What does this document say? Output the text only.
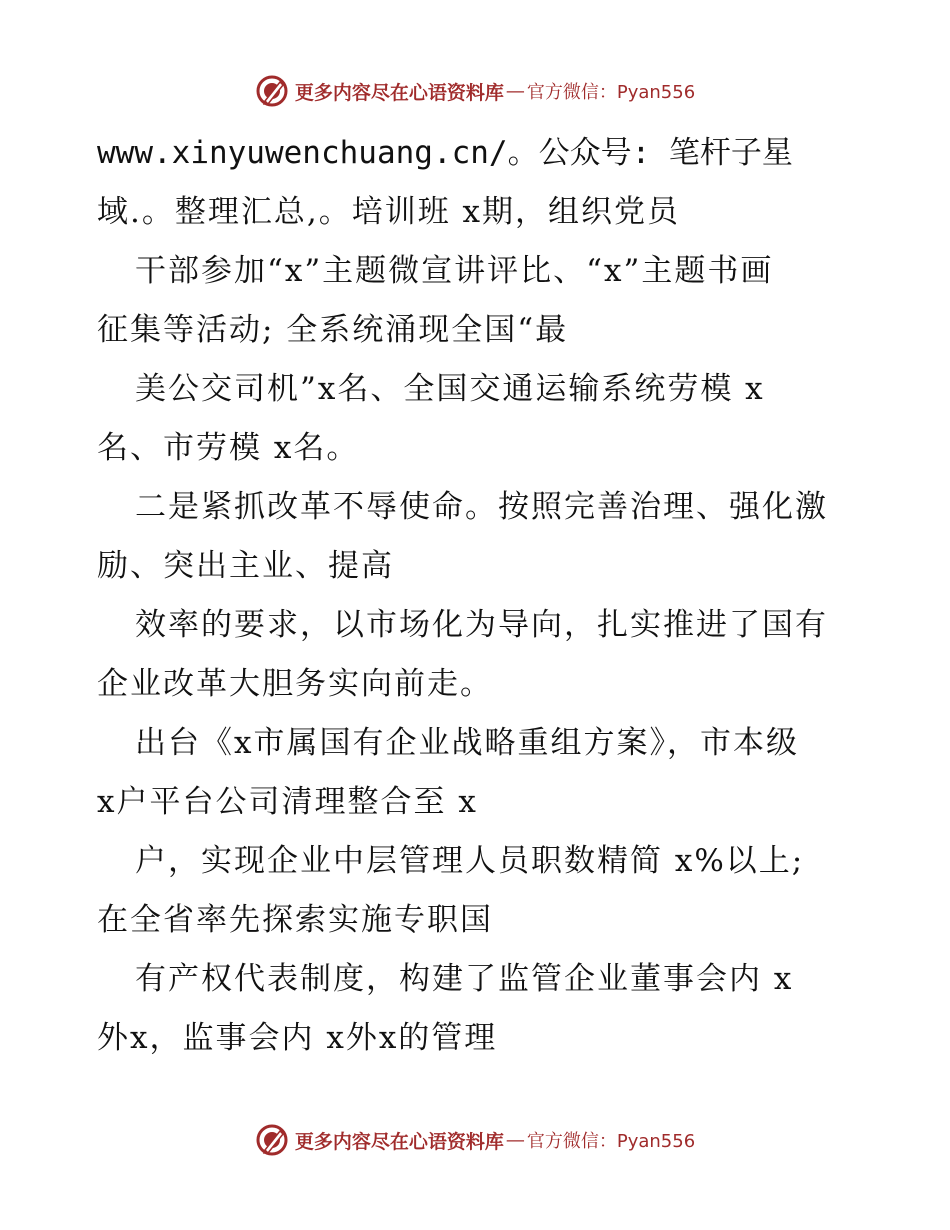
更多内容尽在心语资料库 — 官方微信：Pyan556
www.xinyuwenchuang.cn/。公众号: 笔杆子星
域.。整理汇总,。培训班 x期，组织党员
干部参加“x”主题微宣讲评比、“x”主题书画
征集等活动; 全系统涌现全国“最
美公交司机”x名、全国交通运输系统劳模 x
名、市劳模 x名。
二是紧抓改革不辱使命。按照完善治理、强化激
励、突出主业、提高
效率的要求，以市场化为导向，扎实推进了国有
企业改革大胆务实向前走。
出台《x市属国有企业战略重组方案》，市本级
x户平台公司清理整合至 x
户，实现企业中层管理人员职数精简 x%以上;
在全省率先探索实施专职国
有产权代表制度，构建了监管企业董事会内 x
外x，监事会内 x外x的管理
更多内容尽在心语资料库 — 官方微信：Pyan556
